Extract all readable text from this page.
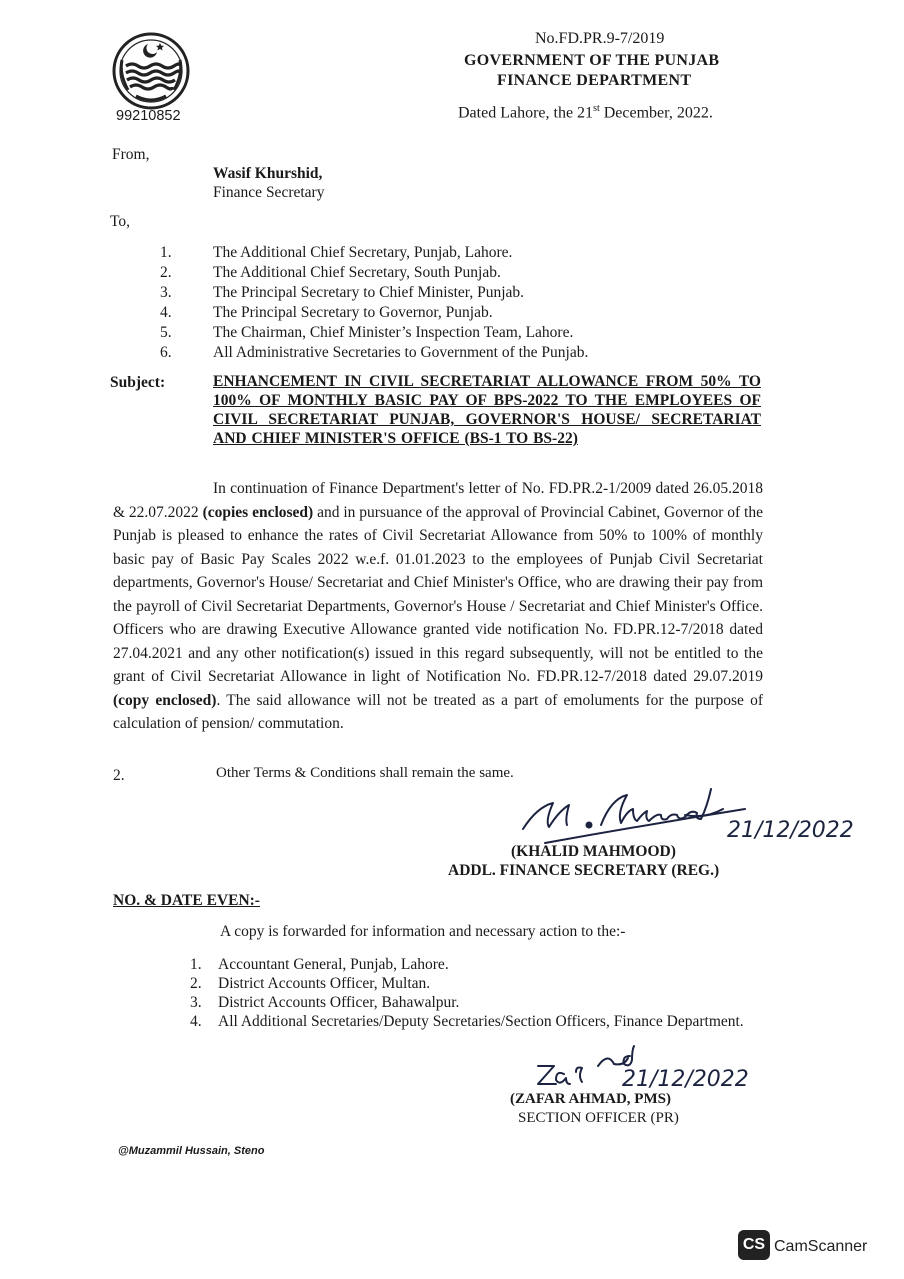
99210852
No.FD.PR.9-7/2019
GOVERNMENT OF THE PUNJAB
FINANCE DEPARTMENT
Dated Lahore, the 21st December, 2022.
From,
Wasif Khurshid,
Finance Secretary
To,
1.	The Additional Chief Secretary, Punjab, Lahore.
2.	The Additional Chief Secretary, South Punjab.
3.	The Principal Secretary to Chief Minister, Punjab.
4.	The Principal Secretary to Governor, Punjab.
5.	The Chairman, Chief Minister’s Inspection Team, Lahore.
6.	All Administrative Secretaries to Government of the Punjab.
Subject:	ENHANCEMENT IN CIVIL SECRETARIAT ALLOWANCE FROM 50% TO 100% OF MONTHLY BASIC PAY OF BPS-2022 TO THE EMPLOYEES OF CIVIL SECRETARIAT PUNJAB, GOVERNOR'S HOUSE/ SECRETARIAT AND CHIEF MINISTER'S OFFICE (BS-1 TO BS-22)
In continuation of Finance Department's letter of No. FD.PR.2-1/2009 dated 26.05.2018 & 22.07.2022 (copies enclosed) and in pursuance of the approval of Provincial Cabinet, Governor of the Punjab is pleased to enhance the rates of Civil Secretariat Allowance from 50% to 100% of monthly basic pay of Basic Pay Scales 2022 w.e.f. 01.01.2023 to the employees of Punjab Civil Secretariat departments, Governor's House/ Secretariat and Chief Minister's Office, who are drawing their pay from the payroll of Civil Secretariat Departments, Governor's House / Secretariat and Chief Minister's Office. Officers who are drawing Executive Allowance granted vide notification No. FD.PR.12-7/2018 dated 27.04.2021 and any other notification(s) issued in this regard subsequently, will not be entitled to the grant of Civil Secretariat Allowance in light of Notification No. FD.PR.12-7/2018 dated 29.07.2019 (copy enclosed). The said allowance will not be treated as a part of emoluments for the purpose of calculation of pension/ commutation.
2.	Other Terms & Conditions shall remain the same.
21/12/2022
(KHALID MAHMOOD)
ADDL. FINANCE SECRETARY (REG.)
NO. & DATE EVEN:-
A copy is forwarded for information and necessary action to the:-
1. Accountant General, Punjab, Lahore.
2. District Accounts Officer, Multan.
3. District Accounts Officer, Bahawalpur.
4. All Additional Secretaries/Deputy Secretaries/Section Officers, Finance Department.
21/12/2022
(ZAFAR AHMAD, PMS)
SECTION OFFICER (PR)
@Muzammil Hussain, Steno
CS CamScanner
